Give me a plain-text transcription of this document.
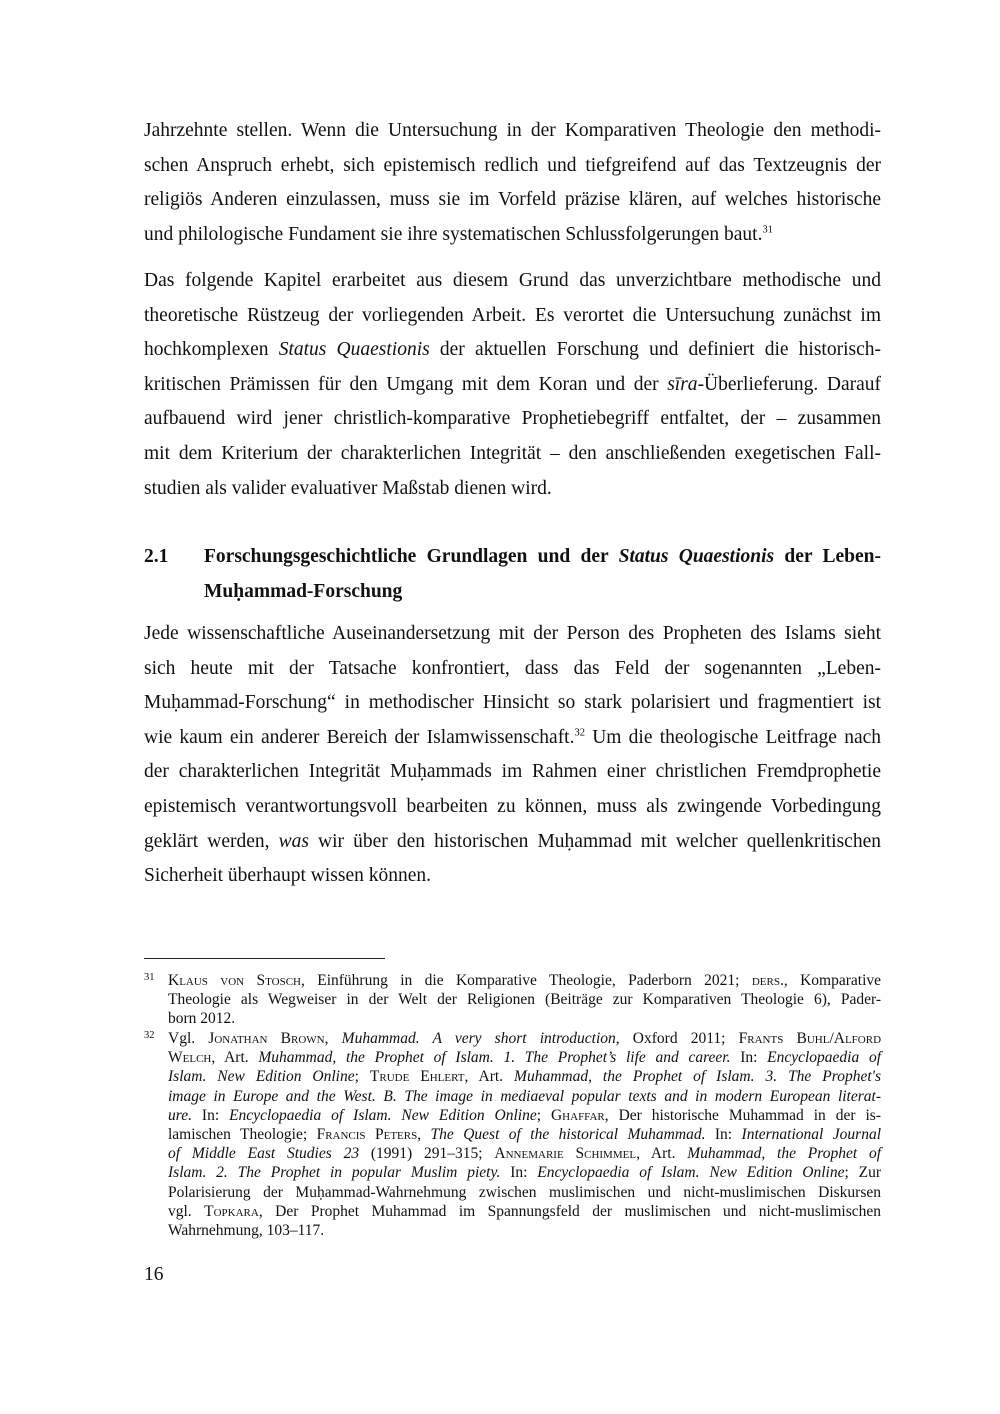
Jahrzehnte stellen. Wenn die Untersuchung in der Komparativen Theologie den methodi-
schen Anspruch erhebt, sich epistemisch redlich und tiefgreifend auf das Textzeugnis der
religiös Anderen einzulassen, muss sie im Vorfeld präzise klären, auf welches historische
und philologische Fundament sie ihre systematischen Schlussfolgerungen baut.$^{31}$
Das folgende Kapitel erarbeitet aus diesem Grund das unverzichtbare methodische und
theoretische Rüstzeug der vorliegenden Arbeit. Es verortet die Untersuchung zunächst im
hochkomplexen Status Quaestionis der aktuellen Forschung und definiert die historisch-
kritischen Prämissen für den Umgang mit dem Koran und der sīra-Überlieferung. Darauf
aufbauend wird jener christlich-komparative Prophetiebegriff entfaltet, der – zusammen
mit dem Kriterium der charakterlichen Integrität – den anschließenden exegetischen Fall-
studien als valider evaluativer Maßstab dienen wird.
2.1 Forschungsgeschichtliche Grundlagen und der Status Quaestionis der Leben-
Muḥammad-Forschung
Jede wissenschaftliche Auseinandersetzung mit der Person des Propheten des Islams sieht
sich heute mit der Tatsache konfrontiert, dass das Feld der sogenannten „Leben-
Muḥammad-Forschung“ in methodischer Hinsicht so stark polarisiert und fragmentiert ist
wie kaum ein anderer Bereich der Islamwissenschaft.$^{32}$ Um die theologische Leitfrage nach
der charakterlichen Integrität Muḥammads im Rahmen einer christlichen Fremdprophetie
epistemisch verantwortungsvoll bearbeiten zu können, muss als zwingende Vorbedingung
geklärt werden, was wir über den historischen Muḥammad mit welcher quellenkritischen
Sicherheit überhaupt wissen können.
31 Klaus von Stosch, Einführung in die Komparative Theologie, Paderborn 2021; ders., Komparative
Theologie als Wegweiser in der Welt der Religionen (Beiträge zur Komparativen Theologie 6), Pader-
born 2012.
32 Vgl. Jonathan Brown, Muhammad. A very short introduction, Oxford 2011; Frants Buhl/Alford
Welch, Art. Muhammad, the Prophet of Islam. 1. The Prophet’s life and career. In: Encyclopaedia of
Islam. New Edition Online; Trude Ehlert, Art. Muhammad, the Prophet of Islam. 3. The Prophet's
image in Europe and the West. B. The image in mediaeval popular texts and in modern European literat-
ure. In: Encyclopaedia of Islam. New Edition Online; Ghaffar, Der historische Muhammad in der is-
lamischen Theologie; Francis Peters, The Quest of the historical Muhammad. In: International Journal
of Middle East Studies 23 (1991) 291–315; Annemarie Schimmel, Art. Muhammad, the Prophet of
Islam. 2. The Prophet in popular Muslim piety. In: Encyclopaedia of Islam. New Edition Online; Zur
Polarisierung der Muḥammad-Wahrnehmung zwischen muslimischen und nicht-muslimischen Diskursen
vgl. Topkara, Der Prophet Muhammad im Spannungsfeld der muslimischen und nicht-muslimischen
Wahrnehmung, 103–117.
16
